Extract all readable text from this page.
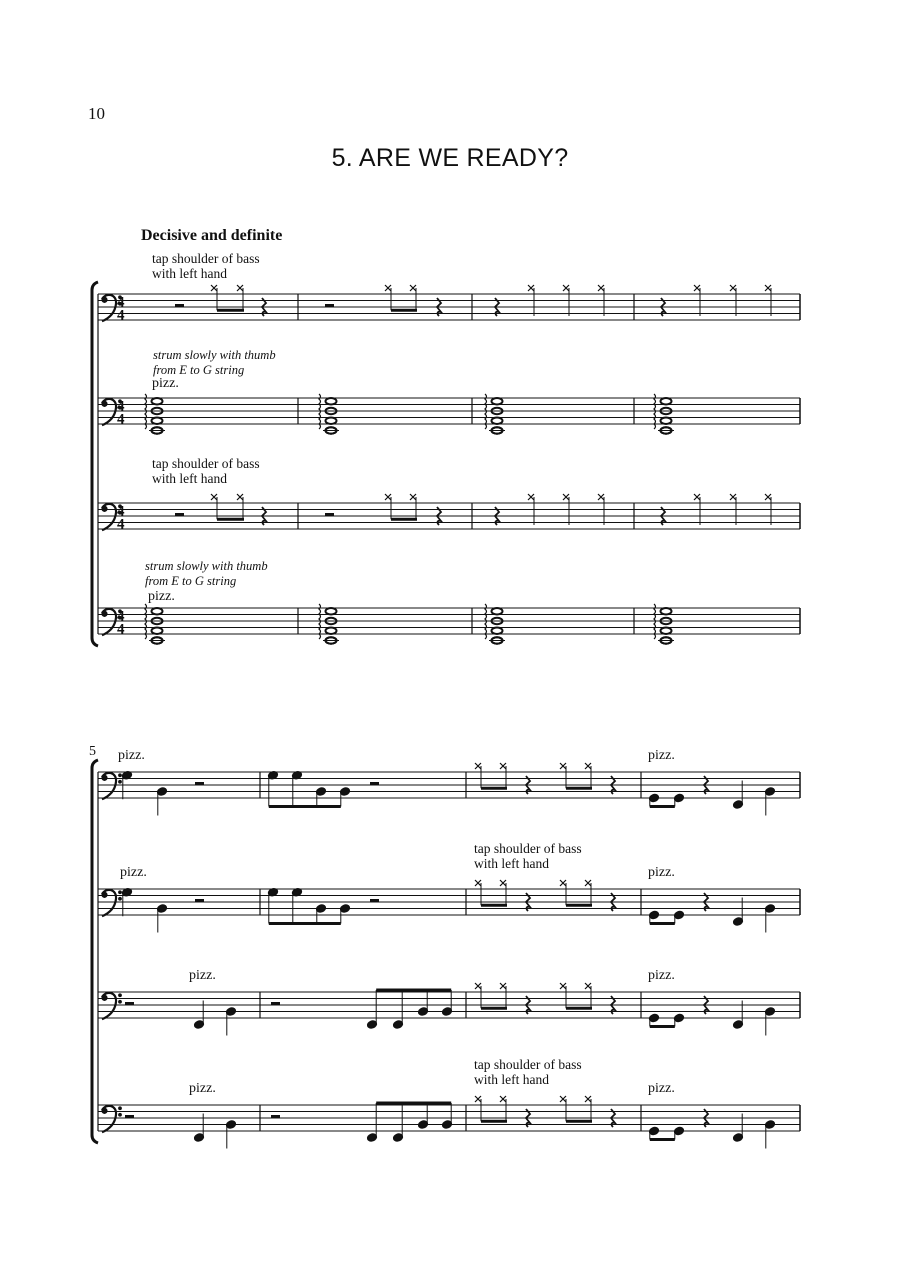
10
5. ARE WE READY?
Decisive and definite
tap shoulder of bass
with left hand
strum slowly with thumb
from E to G string
pizz.
tap shoulder of bass
with left hand
strum slowly with thumb
from E to G string
pizz.
5 pizz.	pizz.
tap shoulder of bass
with left hand
pizz.	pizz.
pizz.	pizz.
tap shoulder of bass
with left hand
pizz.	pizz.
4
4
4
4
4
4
4
4
